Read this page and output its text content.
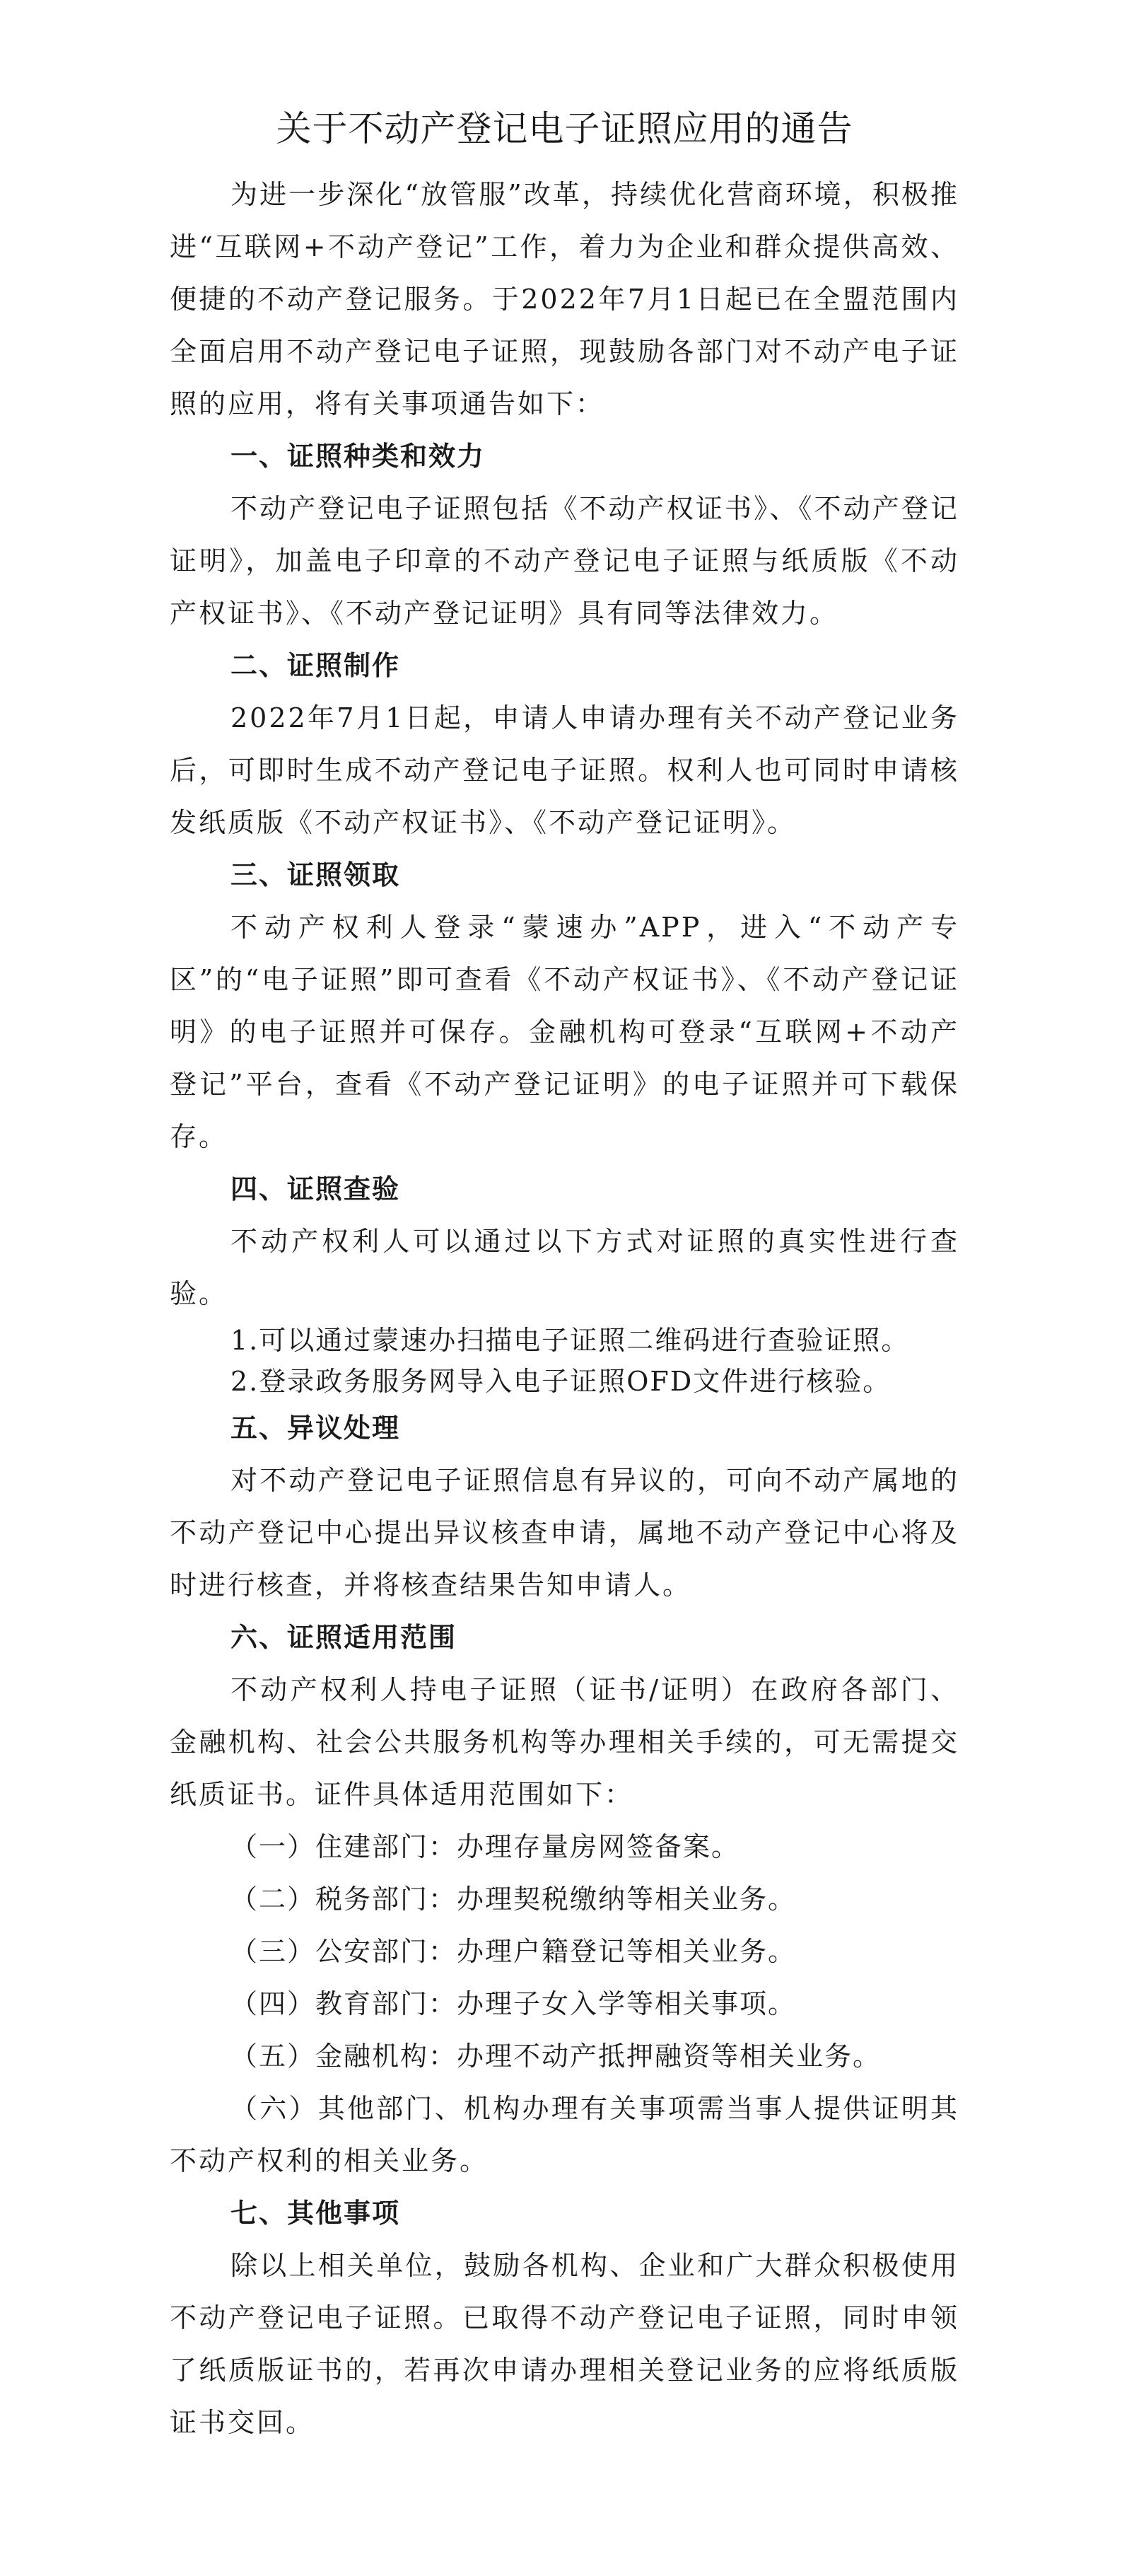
关于不动产登记电子证照应用的通告

为进一步深化“放管服”改革，持续优化营商环境，积极推进“互联网+不动产登记”工作，着力为企业和群众提供高效、便捷的不动产登记服务。于2022年7月1日起已在全盟范围内全面启用不动产登记电子证照，现鼓励各部门对不动产电子证照的应用，将有关事项通告如下：

一、证照种类和效力

不动产登记电子证照包括《不动产权证书》、《不动产登记证明》，加盖电子印章的不动产登记电子证照与纸质版《不动产权证书》、《不动产登记证明》具有同等法律效力。

二、证照制作

2022年7月1日起，申请人申请办理有关不动产登记业务后，可即时生成不动产登记电子证照。权利人也可同时申请核发纸质版《不动产权证书》、《不动产登记证明》。

三、证照领取

不动产权利人登录“蒙速办”APP，进入“不动产专区”的“电子证照”即可查看《不动产权证书》、《不动产登记证明》的电子证照并可保存。金融机构可登录“互联网+不动产登记”平台，查看《不动产登记证明》的电子证照并可下载保存。

四、证照查验

不动产权利人可以通过以下方式对证照的真实性进行查验。

1.可以通过蒙速办扫描电子证照二维码进行查验证照。

2.登录政务服务网导入电子证照OFD文件进行核验。

五、异议处理

对不动产登记电子证照信息有异议的，可向不动产属地的不动产登记中心提出异议核查申请，属地不动产登记中心将及时进行核查，并将核查结果告知申请人。

六、证照适用范围

不动产权利人持电子证照（证书/证明）在政府各部门、金融机构、社会公共服务机构等办理相关手续的，可无需提交纸质证书。证件具体适用范围如下：

（一）住建部门：办理存量房网签备案。

（二）税务部门：办理契税缴纳等相关业务。

（三）公安部门：办理户籍登记等相关业务。

（四）教育部门：办理子女入学等相关事项。

（五）金融机构：办理不动产抵押融资等相关业务。

（六）其他部门、机构办理有关事项需当事人提供证明其不动产权利的相关业务。

七、其他事项

除以上相关单位，鼓励各机构、企业和广大群众积极使用不动产登记电子证照。已取得不动产登记电子证照，同时申领了纸质版证书的，若再次申请办理相关登记业务的应将纸质版证书交回。
